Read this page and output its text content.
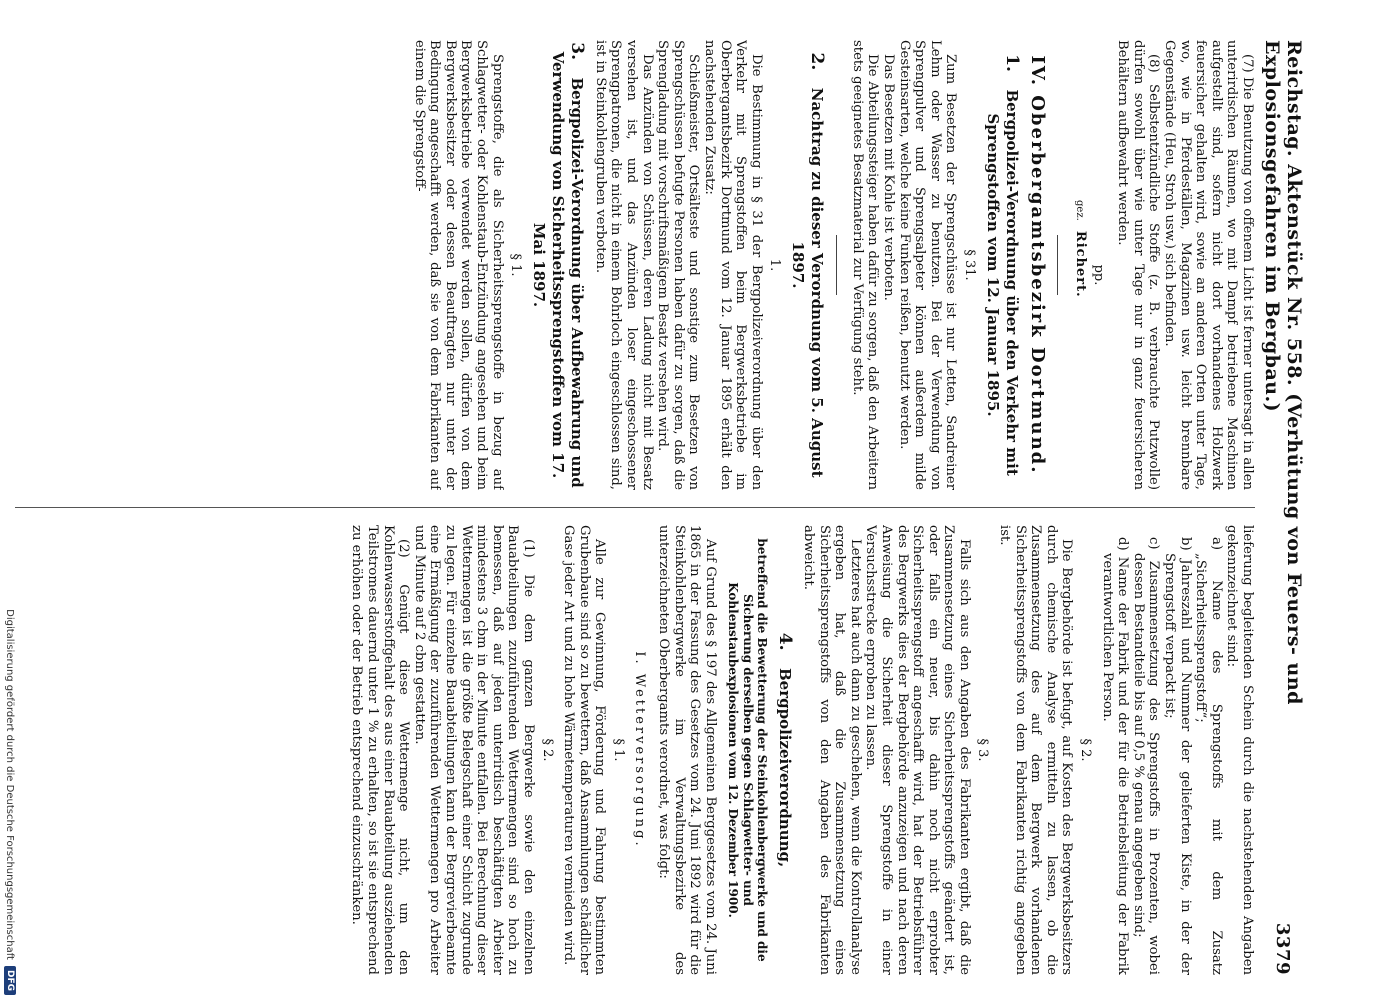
Reichstag. Aktenstück Nr. 558. (Verhütung von Feuers- und Explosionsgefahren im Bergbau.)
3379

(7) Die Benutzung von offenem Licht ist ferner untersagt in allen unterirdischen Räumen, wo mit Dampf betriebene Maschinen aufgestellt sind, sofern nicht dort vorhandenes Holzwerk feuersicher gehalten wird, sowie an anderen Orten unter Tage, wo, wie in Pferdeställen, Magazinen usw. leicht brennbare Gegenstände (Heu, Stroh usw.) sich befinden.

(8) Selbstentzündliche Stoffe (z. B. verbrauchte Putzwolle) dürfen sowohl über wie unter Tage nur in ganz feuersicheren Behältern aufbewahrt werden.

pp.
gez. Richert.
IV. Oberbergamtsbezirk Dortmund.
1. Bergpolizei-Verordnung über den Verkehr mit Sprengstoffen vom 12. Januar 1895.
§ 31.

Zum Besetzen der Sprengschüsse ist nur Letten, Sandreiner Lehm oder Wasser zu benutzen. Bei der Verwendung von Sprengpulver und Sprengsalpeter können außerdem milde Gesteinsarten, welche keine Funken reißen, benutzt werden.

Das Besetzen mit Kohle ist verboten.

Die Abteilungssteiger haben dafür zu sorgen, daß den Arbeitern stets geeignetes Besatzmaterial zur Verfügung steht.

2. Nachtrag zu dieser Verordnung vom 5. August 1897.
1.

Die Bestimmung in § 31 der Bergpolizeiverordnung über den Verkehr mit Sprengstoffen beim Bergwerksbetriebe im Oberbergamtsbezirk Dortmund vom 12. Januar 1895 erhält den nachstehenden Zusatz:

Schießmeister, Ortsälteste und sonstige zum Besetzen von Sprengschüssen befugte Personen haben dafür zu sorgen, daß die Sprengladung mit vorschriftsmäßigem Besatz versehen wird.

Das Anzünden von Schüssen, deren Ladung nicht mit Besatz versehen ist, und das Anzünden loser eingeschossener Sprengpatronen, die nicht in einem Bohrloch eingeschlossen sind, ist in Steinkohlengruben verboten.

3. Bergpolizei-Verordnung über Aufbewahrung und Verwendung von Sicherheitssprengstoffen vom 17. Mai 1897.
§ 1.

Sprengstoffe, die als Sicherheitssprengstoffe in bezug auf Schlagwetter- oder Kohlenstaub-Entzündung angesehen und beim Bergwerksbetriebe verwendet werden sollen, dürfen von dem Bergwerksbesitzer oder dessen Beauftragten nur unter der Bedingung angeschafft werden, daß sie von dem Fabrikanten auf einem die Sprengstoff-

lieferung begleitenden Schein durch die nachstehenden Angaben gekennzeichnet sind:

a) Name des Sprengstoffs mit dem Zusatz „Sicherheitssprengstoff“;

b) Jahreszahl und Nummer der gelieferten Kiste, in der der Sprengstoff verpackt ist;

c) Zusammensetzung des Sprengstoffs in Prozenten, wobei dessen Bestandteile bis auf 0,5 % genau angegeben sind;

d) Name der Fabrik und der für die Betriebsleitung der Fabrik verantwortlichen Person.

§ 2.

Die Bergbehörde ist befugt, auf Kosten des Bergwerksbesitzers durch chemische Analyse ermitteln zu lassen, ob die Zusammensetzung des auf dem Bergwerk vorhandenen Sicherheitssprengstoffs von dem Fabrikanten richtig angegeben ist.

§ 3.

Falls sich aus den Angaben des Fabrikanten ergibt, daß die Zusammensetzung eines Sicherheitssprengstoffs geändert ist, oder falls ein neuer, bis dahin noch nicht erprobter Sicherheitssprengstoff angeschafft wird, hat der Betriebsführer des Bergwerks dies der Bergbehörde anzuzeigen und nach deren Anweisung die Sicherheit dieser Sprengstoffe in einer Versuchsstrecke erproben zu lassen.

Letzteres hat auch dann zu geschehen, wenn die Kontrollanalyse ergeben hat, daß die Zusammensetzung eines Sicherheitssprengstoffs von den Angaben des Fabrikanten abweicht.

4. Bergpolizeiverordnung,
betreffend die Bewetterung der Steinkohlenbergwerke und die Sicherung derselben gegen Schlagwetter- und Kohlenstaubexplosionen vom 12. Dezember 1900.

Auf Grund des § 197 des Allgemeinen Berggesetzes vom 24. Juni 1865 in der Fassung des Gesetzes vom 24. Juni 1892 wird für die Steinkohlenbergwerke im Verwaltungsbezirke des unterzeichneten Oberbergamts verordnet, was folgt:

I. Wetterversorgung.
§ 1.

Alle zur Gewinnung, Förderung und Fahrung bestimmten Grubenbaue sind so zu bewettern, daß Ansammlungen schädlicher Gase jeder Art und zu hohe Wärmetemperaturen vermieden wird.

§ 2.

(1) Die dem ganzen Bergwerke sowie den einzelnen Bauabteilungen zuzuführenden Wettermengen sind so hoch zu bemessen, daß auf jeden unterirdisch beschäftigten Arbeiter mindestens 3 cbm in der Minute entfallen. Bei Berechnung dieser Wettermengen ist die größte Belegschaft einer Schicht zugrunde zu legen. Für einzelne Bauabteilungen kann der Bergrevierbeamte eine Ermäßigung der zuzuführenden Wettermengen pro Arbeiter und Minute auf 2 cbm gestatten.

(2) Genügt diese Wettermenge nicht, um den Kohlenwasserstoffgehalt des aus einer Bauabteilung ausziehenden Teilstromes dauernd unter 1 % zu erhalten, so ist sie entsprechend zu erhöhen oder der Betrieb entsprechend einzuschränken.

Digitalisierung gefördert durch die Deutsche Forschungsgemeinschaft
DFG
